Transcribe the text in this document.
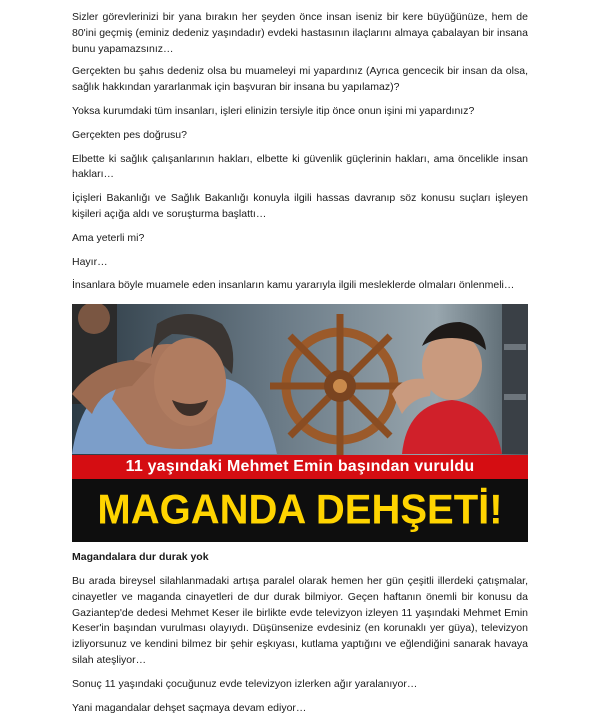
Sizler görevlerinizi bir yana bırakın her şeyden önce insan iseniz bir kere büyüğünüze, hem de 80'ini geçmiş (eminiz dedeniz yaşındadır) evdeki hastasının ilaçlarını almaya çabalayan bir insana bunu yapamazsınız…

Gerçekten bu şahıs dedeniz olsa bu muameleyi mi yapardınız (Ayrıca gencecik bir insan da olsa, sağlık hakkından yararlanmak için başvuran bir insana bu yapılamaz)?

Yoksa kurumdaki tüm insanları, işleri elinizin tersiyle itip önce onun işini mi yapardınız?

Gerçekten pes doğrusu?

Elbette ki sağlık çalışanlarının hakları, elbette ki güvenlik güçlerinin hakları, ama öncelikle insan hakları…

İçişleri Bakanlığı ve Sağlık Bakanlığı konuyla ilgili hassas davranıp söz konusu suçları işleyen kişileri açığa aldı ve soruşturma başlattı…

Ama yeterli mi?

Hayır…

İnsanlara böyle muamele eden insanların kamu yararıyla ilgili mesleklerde olmaları önlenmeli…

11 yaşındaki Mehmet Emin başından vuruldu
MAGANDA DEHŞETİ!

Magandalara dur durak yok

Bu arada bireysel silahlanmadaki artışa paralel olarak hemen her gün çeşitli illerdeki çatışmalar, cinayetler ve maganda cinayetleri de dur durak bilmiyor. Geçen haftanın önemli bir konusu da Gaziantep'de dedesi Mehmet Keser ile birlikte evde televizyon izleyen 11 yaşındaki Mehmet Emin Keser'in başından vurulması olayıydı. Düşünsenize evdesiniz (en korunaklı yer güya), televizyon izliyorsunuz ve kendini bilmez bir şehir eşkıyası, kutlama yaptığını ve eğlendiğini sanarak havaya silah ateşliyor…

Sonuç 11 yaşındaki çocuğunuz evde televizyon izlerken ağır yaralanıyor…

Yani magandalar dehşet saçmaya devam ediyor…
